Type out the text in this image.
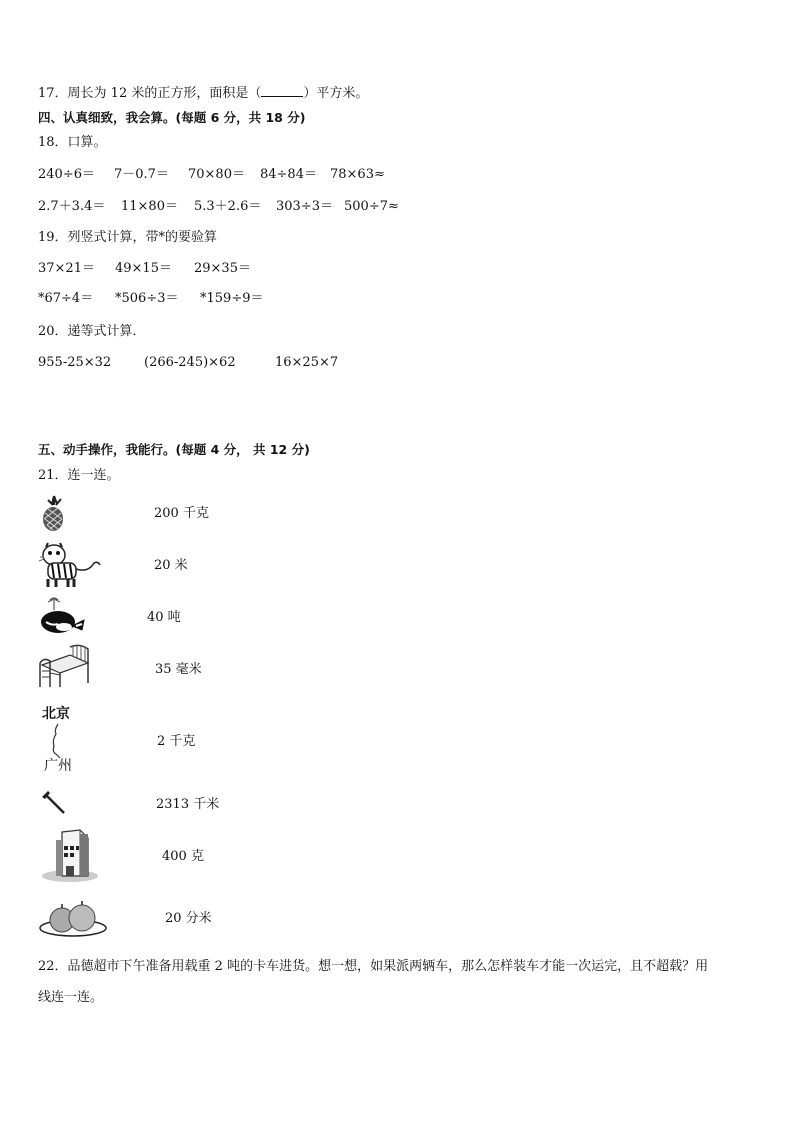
17．周长为 12 米的正方形，面积是（	）平方米。
四、认真细致，我会算。(每题 6 分，共 18 分)
18．口算。
240÷6＝ 7－0.7＝ 70×80＝ 84÷84＝ 78×63≈
2.7＋3.4＝ 11×80＝ 5.3＋2.6＝ 303÷3＝ 500÷7≈
19．列竖式计算，带*的要验算
37×21＝ 49×15＝ 29×35＝
*67÷4＝ *506÷3＝ *159÷9＝
20．递等式计算．
955-25×32	(266-245)×62	16×25×7
五、动手操作，我能行。(每题 4 分， 共 12 分)
21．连一连。
200 千克
20 米
40 吨
35 毫米
北京
广州
2 千克
2313 千米
400 克
20 分米
22．品德超市下午准备用载重 2 吨的卡车进货。想一想，如果派两辆车，那么怎样装车才能一次运完，且不超载？用
线连一连。
